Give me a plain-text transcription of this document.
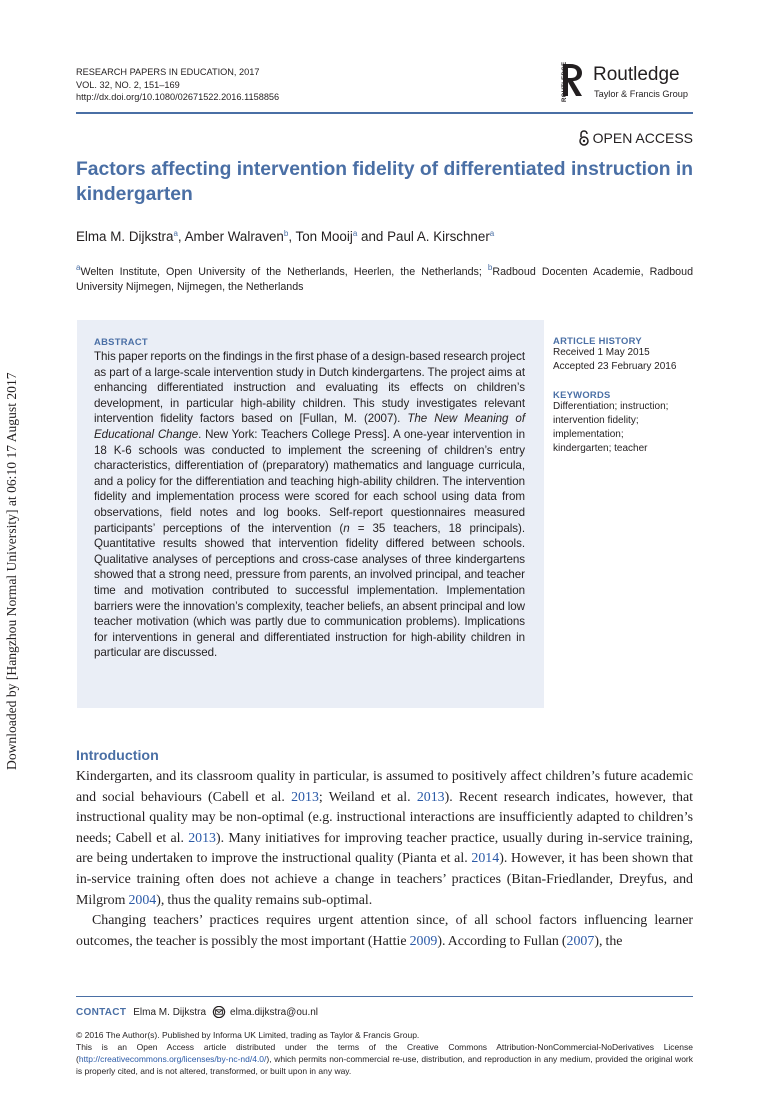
Downloaded by [Hangzhou Normal University] at 06:10 17 August 2017
RESEARCH PAPERS IN EDUCATION, 2017
VOL. 32, NO. 2, 151–169
http://dx.doi.org/10.1080/02671522.2016.1158856	ROUTLEDGE Routledge
Taylor & Francis Group
OPEN ACCESS
Factors affecting intervention fidelity of differentiated instruction in kindergarten
Elma M. Dijkstra$^a$, Amber Walraven$^b$, Ton Mooij$^a$ and Paul A. Kirschner$^a$
$^a$Welten Institute, Open University of the Netherlands, Heerlen, the Netherlands; $^b$Radboud Docenten Academie, Radboud University Nijmegen, Nijmegen, the Netherlands
ABSTRACT
This paper reports on the findings in the first phase of a design-based research project as part of a large-scale intervention study in Dutch kindergartens. The project aims at enhancing differentiated instruction and evaluating its effects on children’s development, in particular high-ability children. This study investigates relevant intervention fidelity factors based on [Fullan, M. (2007). The New Meaning of Educational Change. New York: Teachers College Press]. A one-year intervention in 18 K-6 schools was conducted to implement the screening of children’s entry characteristics, differentiation of (preparatory) mathematics and language curricula, and a policy for the differentiation and teaching high-ability children. The intervention fidelity and implementation process were scored for each school using data from observations, field notes and log books. Self-report questionnaires measured participants’ perceptions of the intervention (n = 35 teachers, 18 principals). Quantitative results showed that intervention fidelity differed between schools. Qualitative analyses of perceptions and cross-case analyses of three kindergartens showed that a strong need, pressure from parents, an involved principal, and teacher time and motivation contributed to successful implementation. Implementation barriers were the innovation’s complexity, teacher beliefs, an absent principal and low teacher motivation (which was partly due to communication problems). Implications for interventions in general and differentiated instruction for high-ability children in particular are discussed.
ARTICLE HISTORY
Received 1 May 2015
Accepted 23 February 2016
KEYWORDS
Differentiation; instruction;
intervention fidelity;
implementation;
kindergarten; teacher
Introduction

Kindergarten, and its classroom quality in particular, is assumed to positively affect children’s future academic and social behaviours (Cabell et al. 2013; Weiland et al. 2013). Recent research indicates, however, that instructional quality may be non-optimal (e.g. instructional interactions are insufficiently adapted to children’s needs; Cabell et al. 2013). Many initiatives for improving teacher practice, usually during in-service training, are being undertaken to improve the instructional quality (Pianta et al. 2014). However, it has been shown that in-service training often does not achieve a change in teachers’ practices (Bitan-Friedlander, Dreyfus, and Milgrom 2004), thus the quality remains sub-optimal.

Changing teachers’ practices requires urgent attention since, of all school factors influencing learner outcomes, the teacher is possibly the most important (Hattie 2009). According to Fullan (2007), the

CONTACT Elma M. Dijkstra elma.dijkstra@ou.nl
© 2016 The Author(s). Published by Informa UK Limited, trading as Taylor & Francis Group.
This is an Open Access article distributed under the terms of the Creative Commons Attribution-NonCommercial-NoDerivatives License (http://creativecommons.org/licenses/by-nc-nd/4.0/), which permits non-commercial re-use, distribution, and reproduction in any medium, provided the original work is properly cited, and is not altered, transformed, or built upon in any way.
